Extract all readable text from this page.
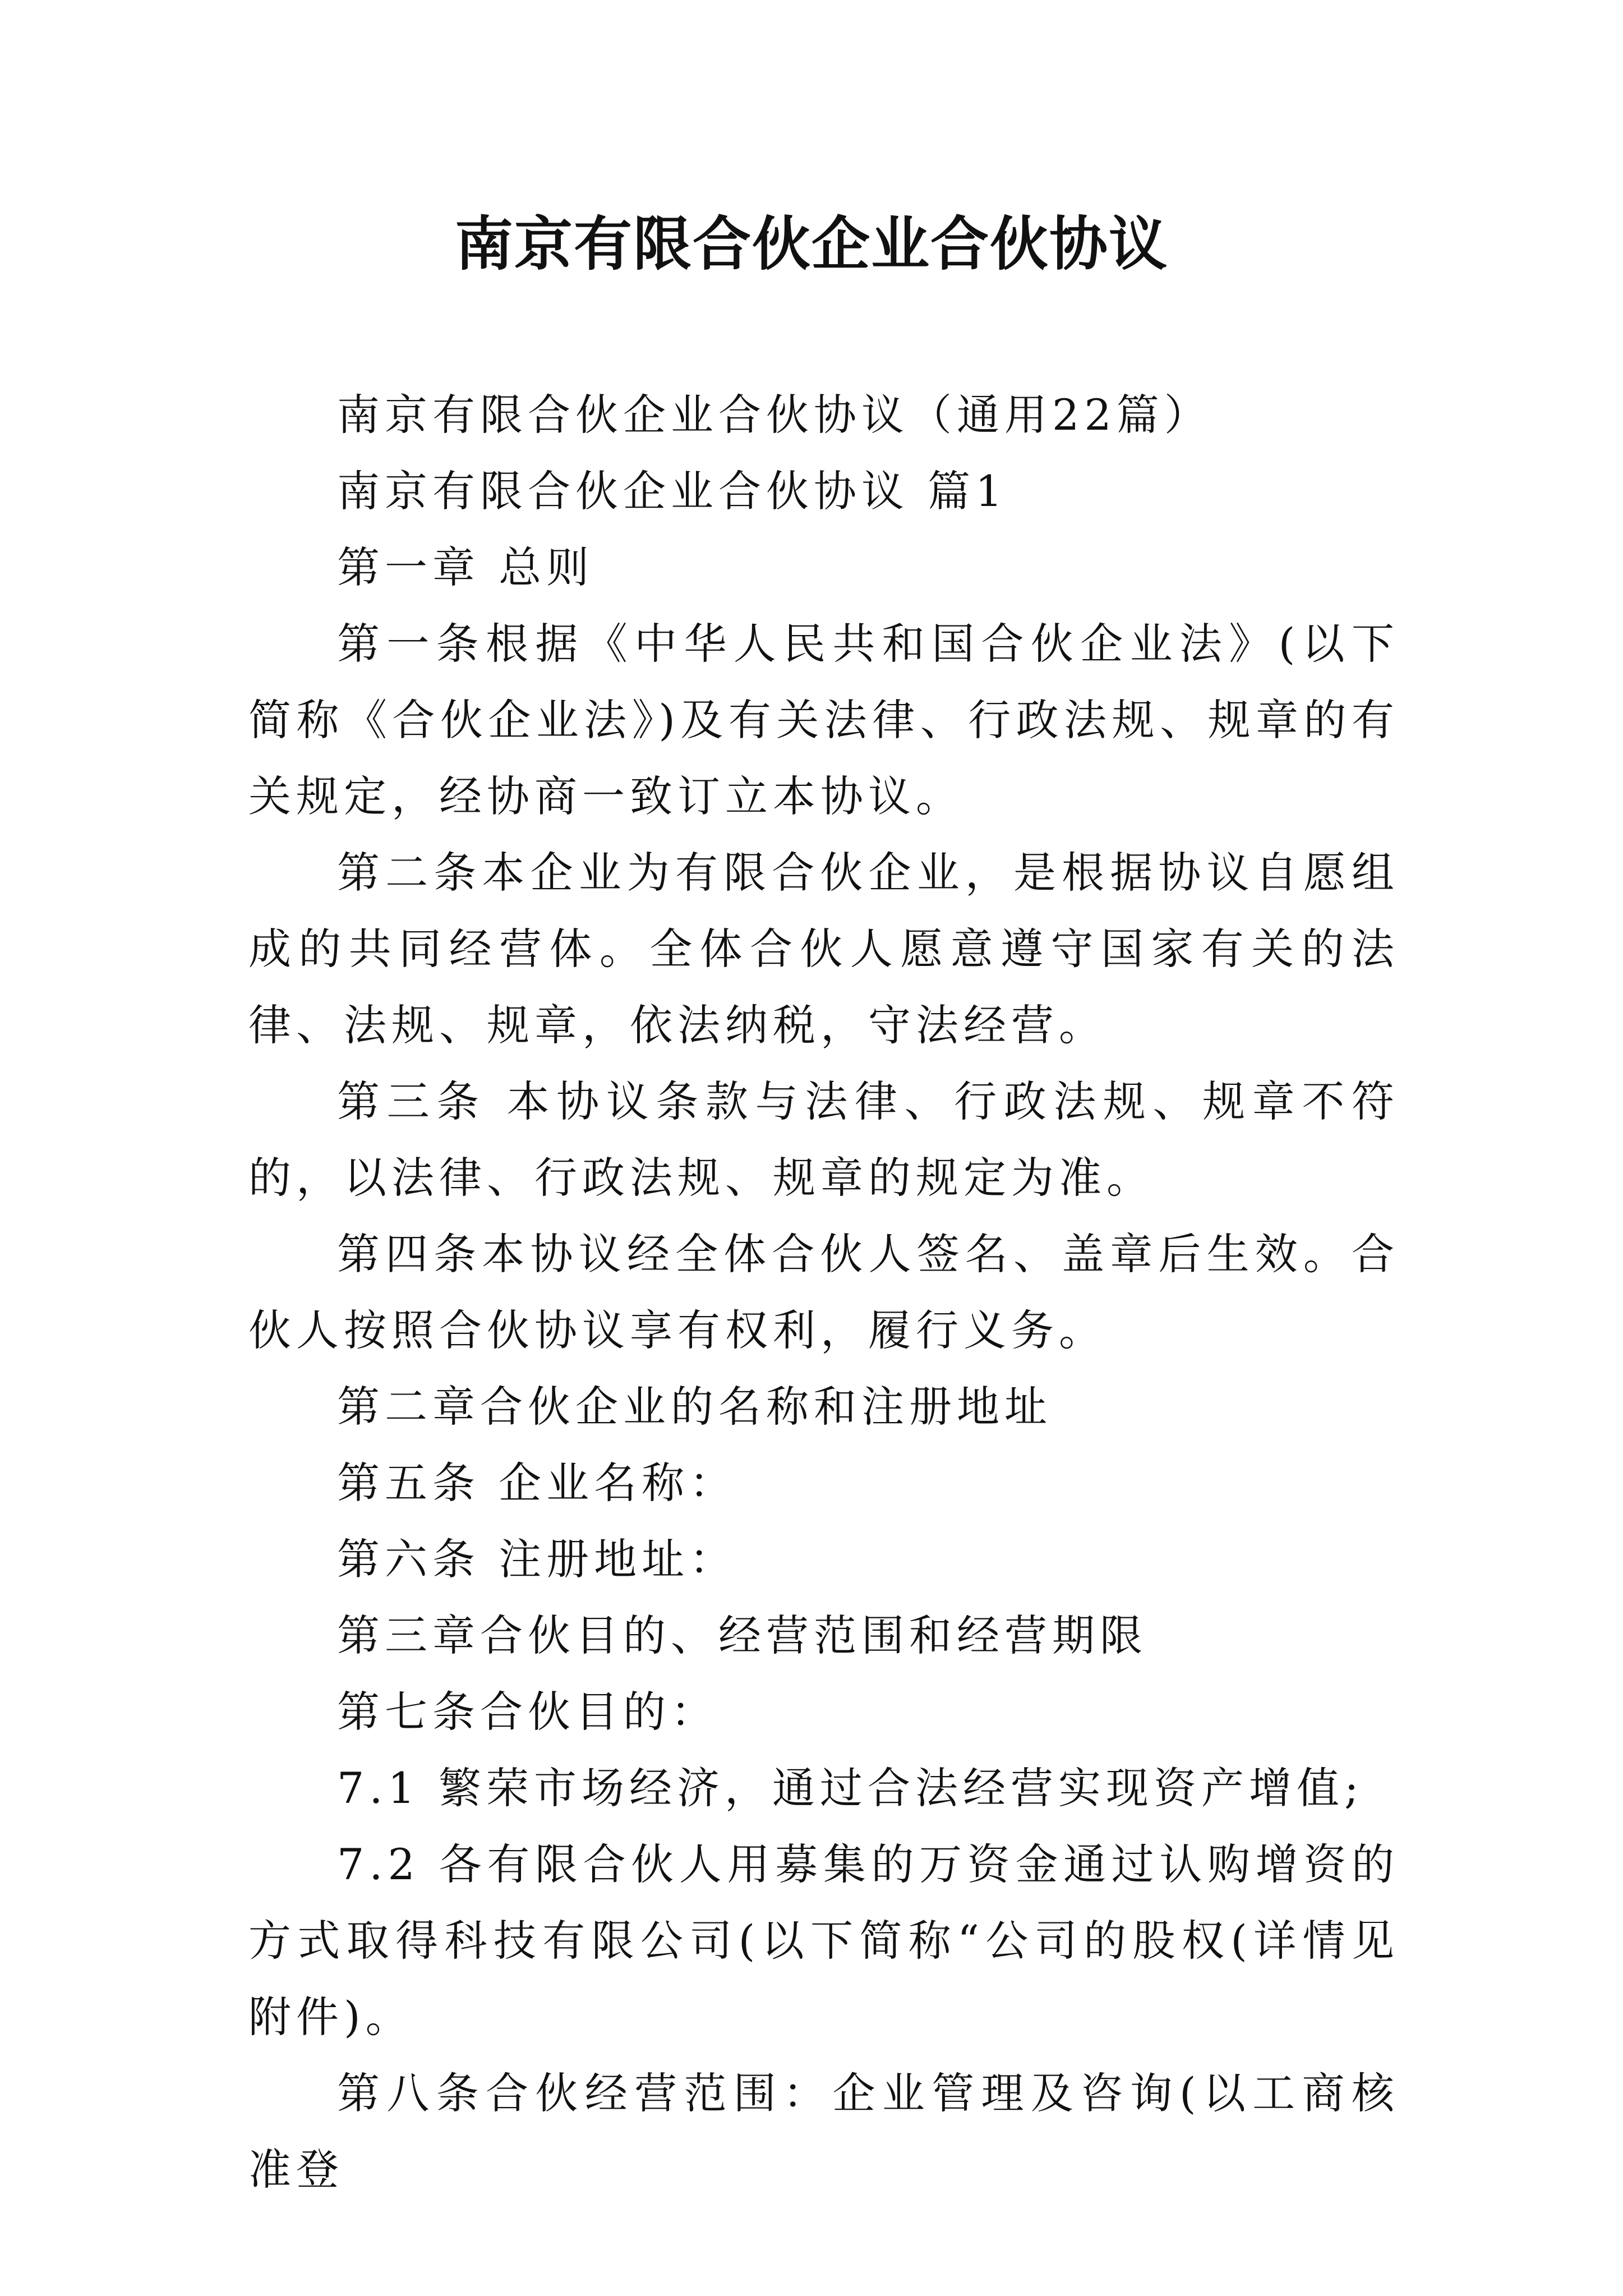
南京有限合伙企业合伙协议

南京有限合伙企业合伙协议（通用22篇）

南京有限合伙企业合伙协议 篇1

第一章 总则

第一条根据《中华人民共和国合伙企业法》(以下简称《合伙企业法》)及有关法律、行政法规、规章的有关规定，经协商一致订立本协议。

第二条本企业为有限合伙企业，是根据协议自愿组成的共同经营体。全体合伙人愿意遵守国家有关的法律、法规、规章，依法纳税，守法经营。

第三条 本协议条款与法律、行政法规、规章不符的，以法律、行政法规、规章的规定为准。

第四条本协议经全体合伙人签名、盖章后生效。合伙人按照合伙协议享有权利，履行义务。

第二章合伙企业的名称和注册地址

第五条 企业名称：

第六条 注册地址：

第三章合伙目的、经营范围和经营期限

第七条合伙目的：

7.1 繁荣市场经济，通过合法经营实现资产增值;

7.2 各有限合伙人用募集的万资金通过认购增资的方式取得科技有限公司(以下简称“公司的股权(详情见附件)。

第八条合伙经营范围：企业管理及咨询(以工商核准登
